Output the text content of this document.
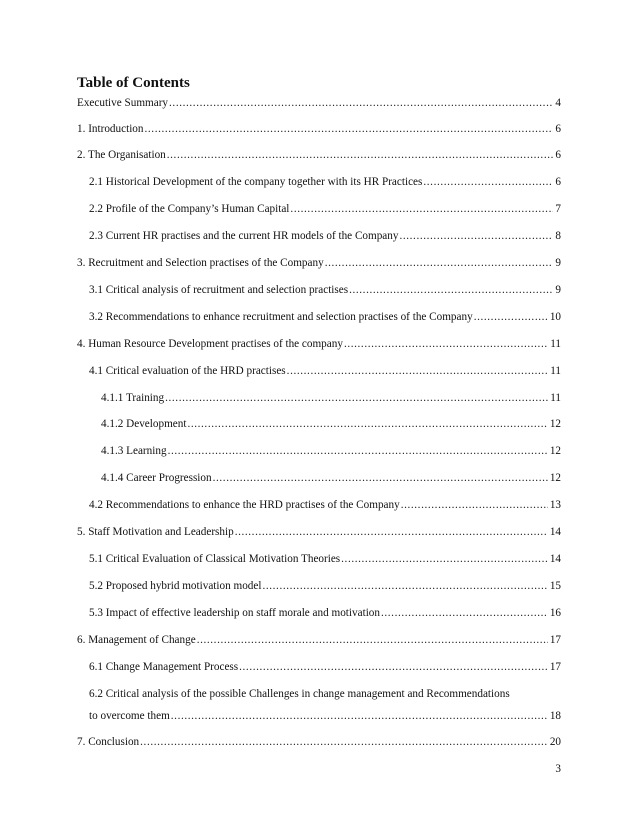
Table of Contents
Executive Summary .....	4
1. Introduction .....	6
2. The Organisation .....	6
2.1 Historical Development of the company together with its HR Practices .....	6
2.2 Profile of the Company’s Human Capital .....	7
2.3 Current HR practises and the current HR models of the Company .....	8
3. Recruitment and Selection practises of the Company .....	9
3.1 Critical analysis of recruitment and selection practises .....	9
3.2 Recommendations to enhance recruitment and selection practises of the Company .....	10
4. Human Resource Development practises of the company .....	11
4.1 Critical evaluation of the HRD practises .....	11
4.1.1 Training .....	11
4.1.2 Development .....	12
4.1.3 Learning .....	12
4.1.4 Career Progression .....	12
4.2 Recommendations to enhance the HRD practises of the Company .....	13
5. Staff Motivation and Leadership .....	14
5.1 Critical Evaluation of Classical Motivation Theories .....	14
5.2 Proposed hybrid motivation model .....	15
5.3 Impact of effective leadership on staff morale and motivation .....	16
6. Management of Change .....	17
6.1 Change Management Process .....	17
6.2 Critical analysis of the possible Challenges in change management and Recommendations
to overcome them .....	18
7. Conclusion .....	20
3
